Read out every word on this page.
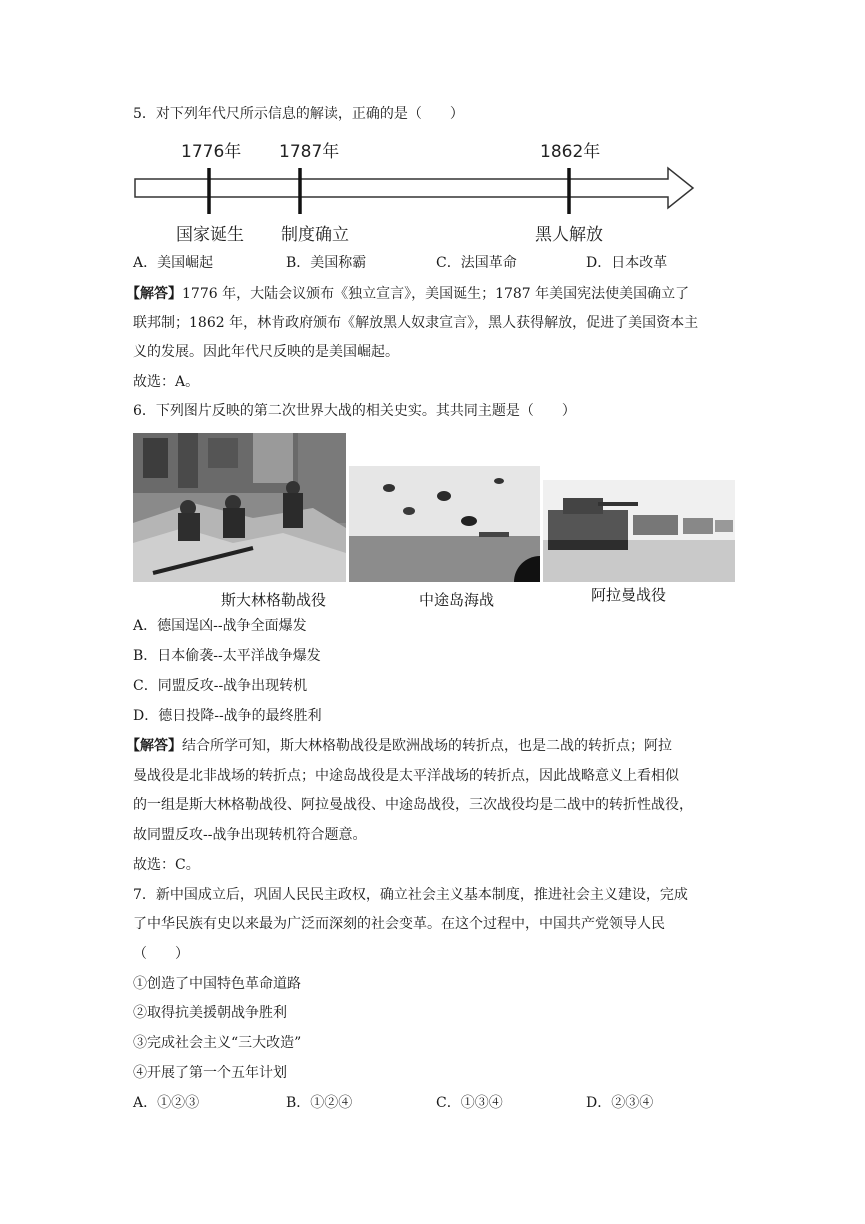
5．对下列年代尺所示信息的解读，正确的是（　　）
1776年 1787年	1862年
国家诞生 制度确立	黑人解放
A．美国崛起	B．美国称霸	C．法国革命	D．日本改革
【解答】1776 年，大陆会议颁布《独立宣言》，美国诞生；1787 年美国宪法使美国确立了
联邦制；1862 年，林肯政府颁布《解放黑人奴隶宣言》，黑人获得解放，促进了美国资本主
义的发展。因此年代尺反映的是美国崛起。
故选：A。
6．下列图片反映的第二次世界大战的相关史实。其共同主题是（　　）
斯大林格勒战役	中途岛海战	阿拉曼战役
A．德国逞凶--战争全面爆发
B．日本偷袭--太平洋战争爆发
C．同盟反攻--战争出现转机
D．德日投降--战争的最终胜利
【解答】结合所学可知，斯大林格勒战役是欧洲战场的转折点，也是二战的转折点；阿拉
曼战役是北非战场的转折点；中途岛战役是太平洋战场的转折点，因此战略意义上看相似
的一组是斯大林格勒战役、阿拉曼战役、中途岛战役，三次战役均是二战中的转折性战役，
故同盟反攻--战争出现转机符合题意。
故选：C。
7．新中国成立后，巩固人民民主政权，确立社会主义基本制度，推进社会主义建设，完成
了中华民族有史以来最为广泛而深刻的社会变革。在这个过程中，中国共产党领导人民
（　　）
①创造了中国特色革命道路
②取得抗美援朝战争胜利
③完成社会主义“三大改造”
④开展了第一个五年计划
A．①②③	B．①②④	C．①③④	D．②③④
